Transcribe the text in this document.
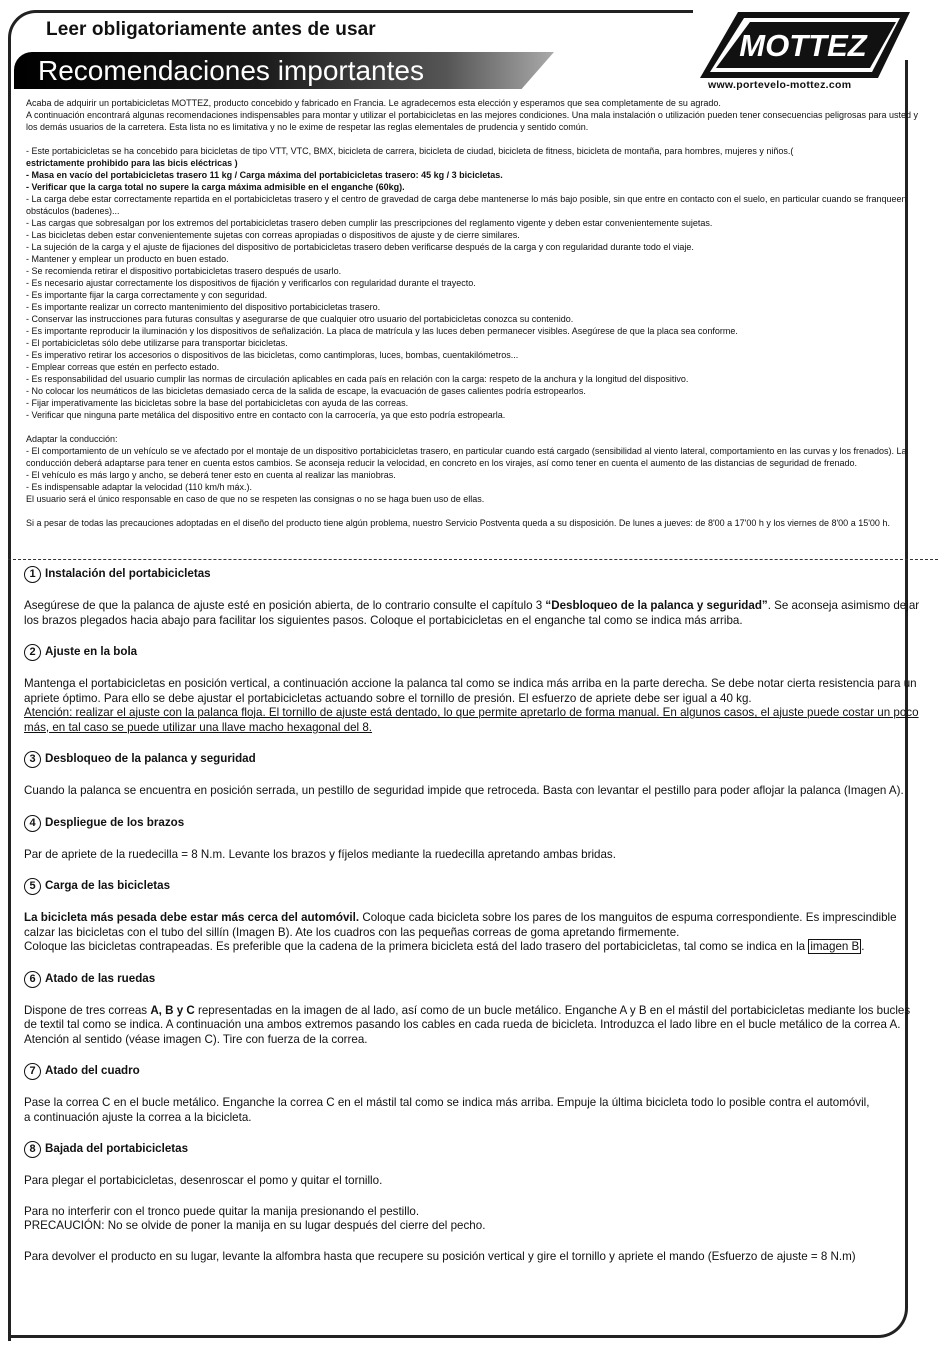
Leer obligatoriamente antes de usar
Recomendaciones importantes
MOTTEZ
www.portevelo-mottez.com

Acaba de adquirir un portabicicletas MOTTEZ, producto concebido y fabricado en Francia. Le agradecemos esta elección y esperamos que sea completamente de su agrado.
A continuación encontrará algunas recomendaciones indispensables para montar y utilizar el portabicicletas en las mejores condiciones. Una mala instalación o utilización pueden tener consecuencias peligrosas para usted y los demás usuarios de la carretera. Esta lista no es limitativa y no le exime de respetar las reglas elementales de prudencia y sentido común.

- Este portabicicletas se ha concebido para bicicletas de tipo VTT, VTC, BMX, bicicleta de carrera, bicicleta de ciudad, bicicleta de fitness, bicicleta de montaña, para hombres, mujeres y niños.(
estrictamente prohibido para las bicis eléctricas )
- Masa en vacío del portabicicletas trasero 11 kg / Carga máxima del portabicicletas trasero: 45 kg / 3 bicicletas.
- Verificar que la carga total no supere la carga máxima admisible en el enganche (60kg).
- La carga debe estar correctamente repartida en el portabicicletas trasero y el centro de gravedad de carga debe mantenerse lo más bajo posible, sin que entre en contacto con el suelo, en particular cuando se franqueen obstáculos (badenes)...
- Las cargas que sobresalgan por los extremos del portabicicletas trasero deben cumplir las prescripciones del reglamento vigente y deben estar convenientemente sujetas.
- Las bicicletas deben estar convenientemente sujetas con correas apropiadas o dispositivos de ajuste y de cierre similares.
- La sujeción de la carga y el ajuste de fijaciones del dispositivo de portabicicletas trasero deben verificarse después de la carga y con regularidad durante todo el viaje.
- Mantener y emplear un producto en buen estado.
- Se recomienda retirar el dispositivo portabicicletas trasero después de usarlo.
- Es necesario ajustar correctamente los dispositivos de fijación y verificarlos con regularidad durante el trayecto.
- Es importante fijar la carga correctamente y con seguridad.
- Es importante realizar un correcto mantenimiento del dispositivo portabicicletas trasero.
- Conservar las instrucciones para futuras consultas y asegurarse de que cualquier otro usuario del portabicicletas conozca su contenido.
- Es importante reproducir la iluminación y los dispositivos de señalización. La placa de matrícula y las luces deben permanecer visibles. Asegúrese de que la placa sea conforme.
- El portabicicletas sólo debe utilizarse para transportar bicicletas.
- Es imperativo retirar los accesorios o dispositivos de las bicicletas, como cantimploras, luces, bombas, cuentakilómetros...
- Emplear correas que estén en perfecto estado.
- Es responsabilidad del usuario cumplir las normas de circulación aplicables en cada país en relación con la carga: respeto de la anchura y la longitud del dispositivo.
- No colocar los neumáticos de las bicicletas demasiado cerca de la salida de escape, la evacuación de gases calientes podría estropearlos.
- Fijar imperativamente las bicicletas sobre la base del portabicicletas con ayuda de las correas.
- Verificar que ninguna parte metálica del dispositivo entre en contacto con la carrocería, ya que esto podría estropearla.
Adaptar la conducción:
- El comportamiento de un vehículo se ve afectado por el montaje de un dispositivo portabicicletas trasero, en particular cuando está cargado (sensibilidad al viento lateral, comportamiento en las curvas y los frenados). La conducción deberá adaptarse para tener en cuenta estos cambios. Se aconseja reducir la velocidad, en concreto en los virajes, así como tener en cuenta el aumento de las distancias de seguridad de frenado.
- El vehículo es más largo y ancho, se deberá tener esto en cuenta al realizar las maniobras.
- Es indispensable adaptar la velocidad (110 km/h máx.).
El usuario será el único responsable en caso de que no se respeten las consignas o no se haga buen uso de ellas.

Si a pesar de todas las precauciones adoptadas en el diseño del producto tiene algún problema, nuestro Servicio Postventa queda a su disposición. De lunes a jueves: de 8'00 a 17'00 h y los viernes de 8'00 a 15'00 h.

1 Instalación del portabicicletas
Asegúrese de que la palanca de ajuste esté en posición abierta, de lo contrario consulte el capítulo 3 “Desbloqueo de la palanca y seguridad”. Se aconseja asimismo dejar los brazos plegados hacia abajo para facilitar los siguientes pasos. Coloque el portabicicletas en el enganche tal como se indica más arriba.
2 Ajuste en la bola
Mantenga el portabicicletas en posición vertical, a continuación accione la palanca tal como se indica más arriba en la parte derecha. Se debe notar cierta resistencia para un apriete óptimo. Para ello se debe ajustar el portabicicletas actuando sobre el tornillo de presión. El esfuerzo de apriete debe ser igual a 40 kg.
Atención: realizar el ajuste con la palanca floja. El tornillo de ajuste está dentado, lo que permite apretarlo de forma manual. En algunos casos, el ajuste puede costar un poco más, en tal caso se puede utilizar una llave macho hexagonal del 8.
3 Desbloqueo de la palanca y seguridad
Cuando la palanca se encuentra en posición serrada, un pestillo de seguridad impide que retroceda. Basta con levantar el pestillo para poder aflojar la palanca (Imagen A).
4 Despliegue de los brazos
Par de apriete de la ruedecilla = 8 N.m. Levante los brazos y fíjelos mediante la ruedecilla apretando ambas bridas.
5 Carga de las bicicletas
La bicicleta más pesada debe estar más cerca del automóvil. Coloque cada bicicleta sobre los pares de los manguitos de espuma correspondiente. Es imprescindible
calzar las bicicletas con el tubo del sillín (Imagen B). Ate los cuadros con las pequeñas correas de goma apretando firmemente.
Coloque las bicicletas contrapeadas. Es preferible que la cadena de la primera bicicleta está del lado trasero del portabicicletas, tal como se indica en la imagen B .
6 Atado de las ruedas
Dispone de tres correas A, B y C representadas en la imagen de al lado, así como de un bucle metálico. Enganche A y B en el mástil del portabicicletas mediante los bucles
de textil tal como se indica. A continuación una ambos extremos pasando los cables en cada rueda de bicicleta. Introduzca el lado libre en el bucle metálico de la correa A.
Atención al sentido (véase imagen C). Tire con fuerza de la correa.
7 Atado del cuadro
Pase la correa C en el bucle metálico. Enganche la correa C en el mástil tal como se indica más arriba. Empuje la última bicicleta todo lo posible contra el automóvil,
a continuación ajuste la correa a la bicicleta.
8 Bajada del portabicicletas
Para plegar el portabicicletas, desenroscar el pomo y quitar el tornillo.
Para no interferir con el tronco puede quitar la manija presionando el pestillo.
PRECAUCIÓN: No se olvide de poner la manija en su lugar después del cierre del pecho.
Para devolver el producto en su lugar, levante la alfombra hasta que recupere su posición vertical y gire el tornillo y apriete el mando (Esfuerzo de ajuste = 8 N.m)
